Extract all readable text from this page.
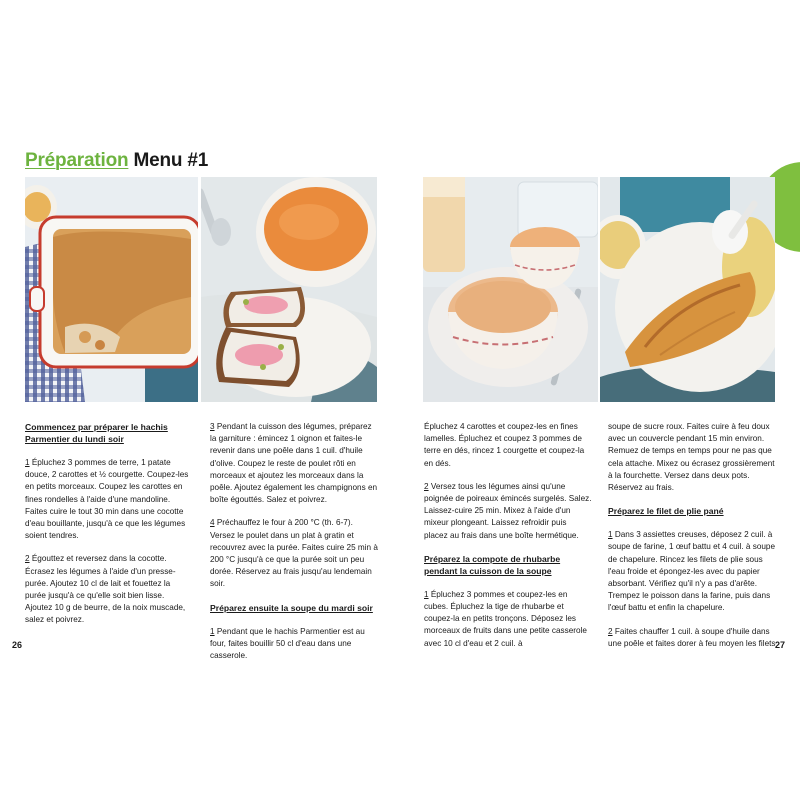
Préparation Menu #1
Commencez par préparer le hachis Parmentier du lundi soir

1 Épluchez 3 pommes de terre, 1 patate douce, 2 carottes et ½ courgette. Coupez-les en petits morceaux. Coupez les carottes en fines rondelles à l'aide d'une mandoline. Faites cuire le tout 30 min dans une cocotte d'eau bouillante, jusqu'à ce que les légumes soient tendres.

2 Égouttez et reversez dans la cocotte. Écrasez les légumes à l'aide d'un presse-purée. Ajoutez 10 cl de lait et fouettez la purée jusqu'à ce qu'elle soit bien lisse. Ajoutez 10 g de beurre, de la noix muscade, salez et poivrez.

3 Pendant la cuisson des légumes, préparez la garniture : émincez 1 oignon et faites-le revenir dans une poêle dans 1 cuil. d'huile d'olive. Coupez le reste de poulet rôti en morceaux et ajoutez les morceaux dans la poêle. Ajoutez également les champignons en boîte égouttés. Salez et poivrez.

4 Préchauffez le four à 200 °C (th. 6-7). Versez le poulet dans un plat à gratin et recouvrez avec la purée. Faites cuire 25 min à 200 °C jusqu'à ce que la purée soit un peu dorée. Réservez au frais jusqu'au lendemain soir.

Préparez ensuite la soupe du mardi soir

1 Pendant que le hachis Parmentier est au four, faites bouillir 50 cl d'eau dans une casserole.

Épluchez 4 carottes et coupez-les en fines lamelles. Épluchez et coupez 3 pommes de terre en dés, rincez 1 courgette et coupez-la en dés.

2 Versez tous les légumes ainsi qu'une poignée de poireaux émincés surgelés. Salez. Laissez-cuire 25 min. Mixez à l'aide d'un mixeur plongeant. Laissez refroidir puis placez au frais dans une boîte hermétique.

Préparez la compote de rhubarbe pendant la cuisson de la soupe

1 Épluchez 3 pommes et coupez-les en cubes. Épluchez la tige de rhubarbe et coupez-la en petits tronçons. Déposez les morceaux de fruits dans une petite casserole avec 10 cl d'eau et 2 cuil. à

soupe de sucre roux. Faites cuire à feu doux avec un couvercle pendant 15 min environ. Remuez de temps en temps pour ne pas que cela attache. Mixez ou écrasez grossièrement à la fourchette. Versez dans deux pots. Réservez au frais.

Préparez le filet de plie pané

1 Dans 3 assiettes creuses, déposez 2 cuil. à soupe de farine, 1 œuf battu et 4 cuil. à soupe de chapelure. Rincez les filets de plie sous l'eau froide et épongez-les avec du papier absorbant. Vérifiez qu'il n'y a pas d'arête. Trempez le poisson dans la farine, puis dans l'œuf battu et enfin la chapelure.

2 Faites chauffer 1 cuil. à soupe d'huile dans une poêle et faites dorer à feu moyen les filets

26	27
